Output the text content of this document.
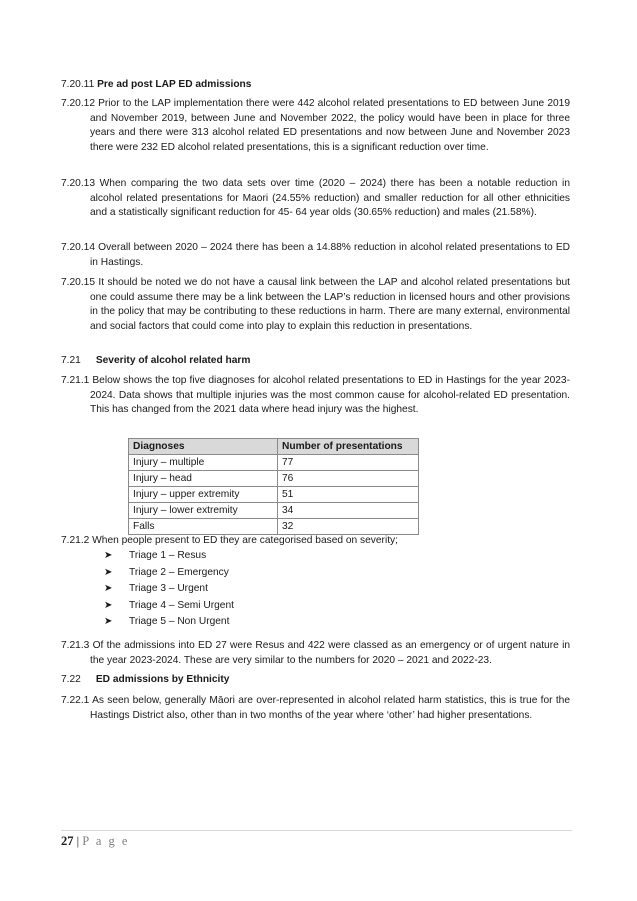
7.20.11 Pre ad post LAP ED admissions
7.20.12 Prior to the LAP implementation there were 442 alcohol related presentations to ED between June 2019 and November 2019, between June and November 2022, the policy would have been in place for three years and there were 313 alcohol related ED presentations and now between June and November 2023 there were 232 ED alcohol related presentations, this is a significant reduction over time.
7.20.13 When comparing the two data sets over time (2020 – 2024) there has been a notable reduction in alcohol related presentations for Maori (24.55% reduction) and smaller reduction for all other ethnicities and a statistically significant reduction for 45- 64 year olds (30.65% reduction) and males (21.58%).
7.20.14 Overall between 2020 – 2024 there has been a 14.88% reduction in alcohol related presentations to ED in Hastings.
7.20.15 It should be noted we do not have a causal link between the LAP and alcohol related presentations but one could assume there may be a link between the LAP’s reduction in licensed hours and other provisions in the policy that may be contributing to these reductions in harm. There are many external, environmental and social factors that could come into play to explain this reduction in presentations.
7.21 Severity of alcohol related harm
7.21.1 Below shows the top five diagnoses for alcohol related presentations to ED in Hastings for the year 2023-2024. Data shows that multiple injuries was the most common cause for alcohol-related ED presentation. This has changed from the 2021 data where head injury was the highest.
Diagnoses	Number of presentations
Injury – multiple	77
Injury – head	76
Injury – upper extremity	51
Injury – lower extremity	34
Falls	32
7.21.2 When people present to ED they are categorised based on severity;
➤ Triage 1 – Resus
➤ Triage 2 – Emergency
➤ Triage 3 – Urgent
➤ Triage 4 – Semi Urgent
➤ Triage 5 – Non Urgent
7.21.3 Of the admissions into ED 27 were Resus and 422 were classed as an emergency or of urgent nature in the year 2023-2024. These are very similar to the numbers for 2020 – 2021 and 2022-23.
7.22 ED admissions by Ethnicity
7.22.1 As seen below, generally Māori are over-represented in alcohol related harm statistics, this is true for the Hastings District also, other than in two months of the year where ‘other’ had higher presentations.
27 | P a g e
